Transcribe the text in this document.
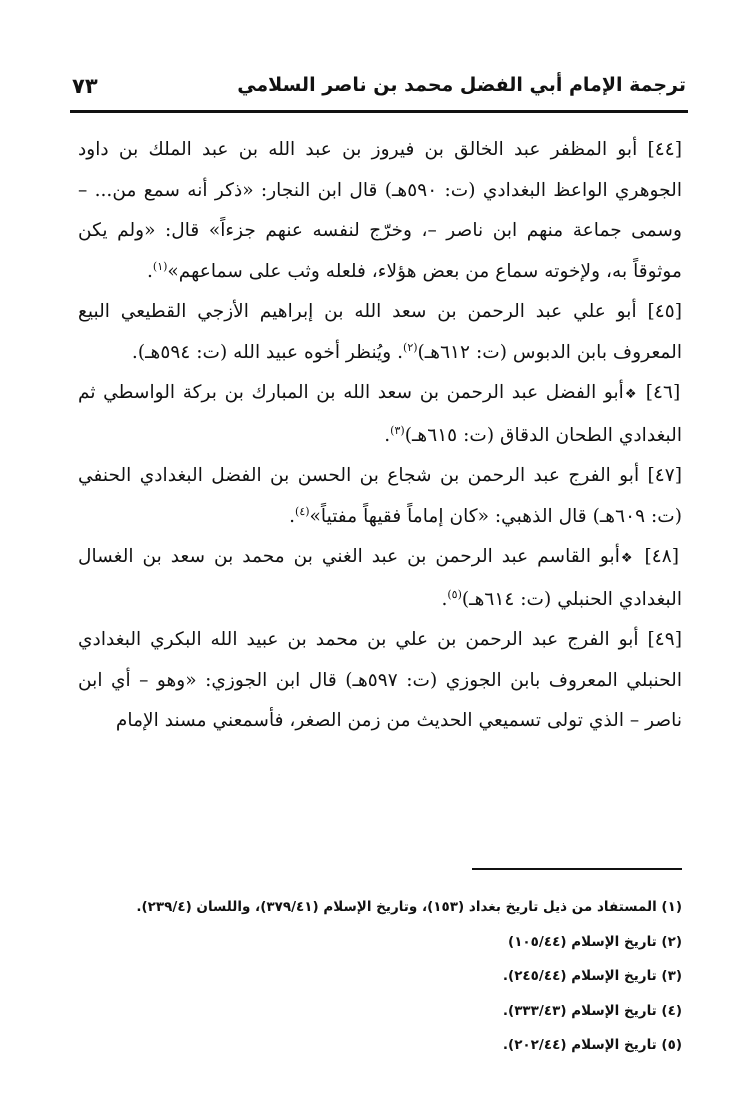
ترجمة الإمام أبي الفضل محمد بن ناصر السلامي
٧٣

[٤٤] أبو المظفر عبد الخالق بن فيروز بن عبد الله بن عبد الملك بن داود الجوهري الواعظ البغدادي (ت: ٥٩٠هـ) قال ابن النجار: «ذكر أنه سمع من... – وسمى جماعة منهم ابن ناصر –، وخرّج لنفسه عنهم جزءاً» قال: «ولم يكن موثوقاً به، ولإخوته سماع من بعض هؤلاء، فلعله وثب على سماعهم»$^{(١)}$.

[٤٥] أبو علي عبد الرحمن بن سعد الله بن إبراهيم الأزجي القطيعي البيع المعروف بابن الدبوس (ت: ٦١٢هـ)$^{(٢)}$. ويُنظر أخوه عبيد الله (ت: ٥٩٤هـ).

[٤٦] ❖أبو الفضل عبد الرحمن بن سعد الله بن المبارك بن بركة الواسطي ثم البغدادي الطحان الدقاق (ت: ٦١٥هـ)$^{(٣)}$.

[٤٧] أبو الفرج عبد الرحمن بن شجاع بن الحسن بن الفضل البغدادي الحنفي (ت: ٦٠٩هـ) قال الذهبي: «كان إماماً فقيهاً مفتياً»$^{(٤)}$.

[٤٨] ❖أبو القاسم عبد الرحمن بن عبد الغني بن محمد بن سعد بن الغسال البغدادي الحنبلي (ت: ٦١٤هـ)$^{(٥)}$.

[٤٩] أبو الفرج عبد الرحمن بن علي بن محمد بن عبيد الله البكري البغدادي الحنبلي المعروف بابن الجوزي (ت: ٥٩٧هـ) قال ابن الجوزي: «وهو – أي ابن ناصر – الذي تولى تسميعي الحديث من زمن الصغر، فأسمعني مسند الإمام

(١) المستفاد من ذيل تاريخ بغداد (١٥٣)، وتاريخ الإسلام (٣٧٩/٤١)، واللسان (٢٣٩/٤).

(٢) تاريخ الإسلام (١٠٥/٤٤)

(٣) تاريخ الإسلام (٢٤٥/٤٤).

(٤) تاريخ الإسلام (٣٣٣/٤٣).

(٥) تاريخ الإسلام (٢٠٢/٤٤).
